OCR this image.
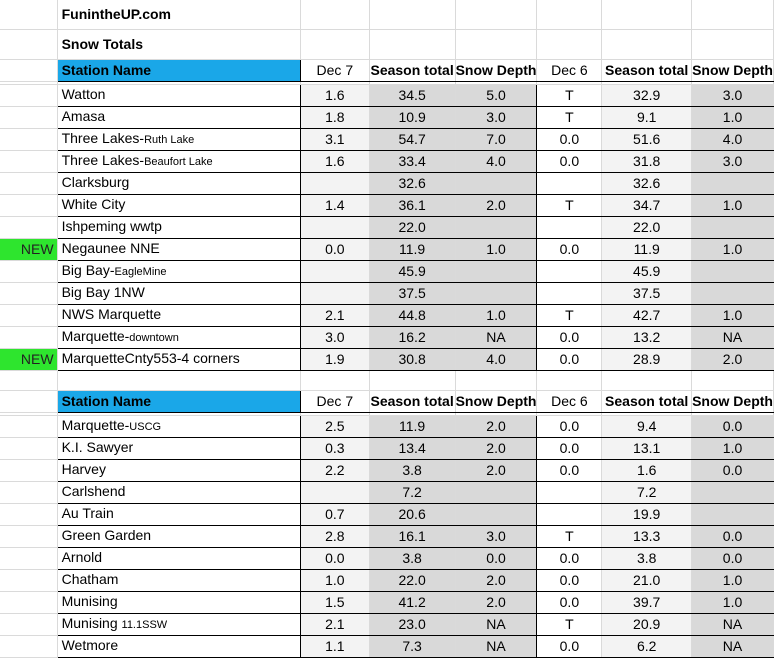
	FunintheUP.com						
	Snow Totals						
	Station Name	Dec 7	Season total	Snow Depth	Dec 6	Season total	Snow Depth

	Watton	1.6	34.5	5.0	T	32.9	3.0
	Amasa	1.8	10.9	3.0	T	9.1	1.0
	Three Lakes-Ruth Lake	3.1	54.7	7.0	0.0	51.6	4.0
	Three Lakes-Beaufort Lake	1.6	33.4	4.0	0.0	31.8	3.0
	Clarksburg		32.6			32.6	
	White City	1.4	36.1	2.0	T	34.7	1.0
	Ishpeming wwtp		22.0			22.0	
NEW	Negaunee NNE	0.0	11.9	1.0	0.0	11.9	1.0
	Big Bay-EagleMine		45.9			45.9	
	Big Bay 1NW		37.5			37.5	
	NWS Marquette	2.1	44.8	1.0	T	42.7	1.0
	Marquette-downtown	3.0	16.2	NA	0.0	13.2	NA
NEW	MarquetteCnty553-4 corners	1.9	30.8	4.0	0.0	28.9	2.0

	Station Name	Dec 7	Season total	Snow Depth	Dec 6	Season total	Snow Depth

	Marquette-USCG	2.5	11.9	2.0	0.0	9.4	0.0
	K.I. Sawyer	0.3	13.4	2.0	0.0	13.1	1.0
	Harvey	2.2	3.8	2.0	0.0	1.6	0.0
	Carlshend		7.2			7.2	
	Au Train	0.7	20.6			19.9	
	Green Garden	2.8	16.1	3.0	T	13.3	0.0
	Arnold	0.0	3.8	0.0	0.0	3.8	0.0
	Chatham	1.0	22.0	2.0	0.0	21.0	1.0
	Munising	1.5	41.2	2.0	0.0	39.7	1.0
	Munising 11.1SSW	2.1	23.0	NA	T	20.9	NA
	Wetmore	1.1	7.3	NA	0.0	6.2	NA
